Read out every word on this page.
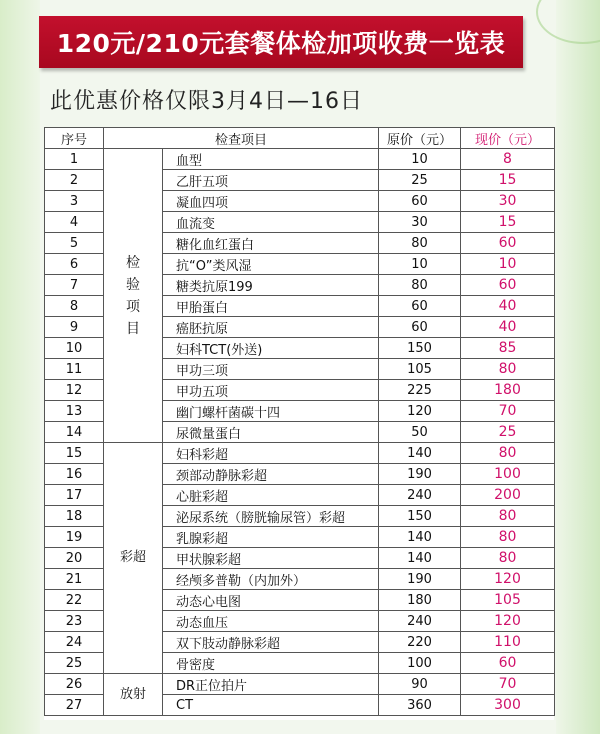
120元/210元套餐体检加项收费一览表
此优惠价格仅限3月4日—16日
序号	检查项目		原价（元）	现价（元）
1	检验项目	血型	10	8
2		乙肝五项	25	15
3		凝血四项	60	30
4		血流变	30	15
5		糖化血红蛋白	80	60
6		抗“O”类风湿	10	10
7		糖类抗原199	80	60
8		甲胎蛋白	60	40
9		癌胚抗原	60	40
10		妇科TCT(外送)	150	85
11		甲功三项	105	80
12		甲功五项	225	180
13		幽门螺杆菌碳十四	120	70
14		尿微量蛋白	50	25
15	彩超	妇科彩超	140	80
16		颈部动静脉彩超	190	100
17		心脏彩超	240	200
18		泌尿系统（膀胱输尿管）彩超	150	80
19		乳腺彩超	140	80
20		甲状腺彩超	140	80
21		经颅多普勒（内加外）	190	120
22		动态心电图	180	105
23		动态血压	240	120
24		双下肢动静脉彩超	220	110
25		骨密度	100	60
26	放射	DR正位拍片	90	70
27		CT	360	300
